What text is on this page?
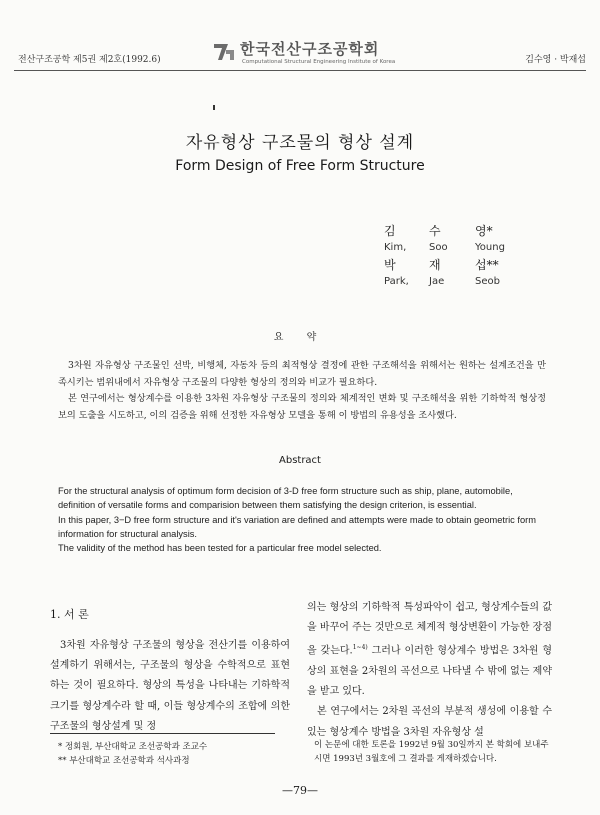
전산구조공학 제5권 제2호(1992.6)
한국전산구조공학회
Computational Structural Engineering Institute of Korea	김수영 · 박재섭
자유형상 구조물의 형상 설계
Form Design of Free Form Structure
김	수	영*
Kim,	Soo	Young
박	재	섭**
Park,	Jae	Seob
요 약

3차원 자유형상 구조물인 선박, 비행체, 자동차 등의 최적형상 결정에 관한 구조해석을 위해서는 원하는 설계조건을 만족시키는 범위내에서 자유형상 구조물의 다양한 형상의 정의와 비교가 필요하다.

본 연구에서는 형상계수를 이용한 3차원 자유형상 구조물의 정의와 체계적인 변화 및 구조해석을 위한 기하학적 형상정보의 도출을 시도하고, 이의 검증을 위해 선정한 자유형상 모델을 통해 이 방법의 유용성을 조사했다.

Abstract

For the structural analysis of optimum form decision of 3-D free form structure such as ship, plane, automobile, definition of versatile forms and comparision between them satisfying the design criterion, is essential.

In this paper, 3−D free form structure and it's variation are defined and attempts were made to obtain geometric form information for structural analysis.

The validity of the method has been tested for a particular free model selected.

1. 서 론

3차원 자유형상 구조물의 형상을 전산기를 이용하여 설계하기 위해서는, 구조물의 형상을 수학적으로 표현하는 것이 필요하다. 형상의 특성을 나타내는 기하학적 크기를 형상계수라 할 때, 이들 형상계수의 조합에 의한 구조물의 형상설계 및 정

의는 형상의 기하학적 특성파악이 쉽고, 형상계수들의 값을 바꾸어 주는 것만으로 체계적 형상변환이 가능한 장점을 갖는다.$^{1\sim 4)}$ 그러나 이러한 형상계수 방법은 3차원 형상의 표현을 2차원의 곡선으로 나타낼 수 밖에 없는 제약을 받고 있다.

본 연구에서는 2차원 곡선의 부분적 생성에 이용할 수 있는 형상계수 방법을 3차원 자유형상 설

* 정회원, 부산대학교 조선공학과 조교수
** 부산대학교 조선공학과 석사과정
이 논문에 대한 토론을 1992년 9월 30일까지 본 학회에 보내주시면 1993년 3월호에 그 결과를 게재하겠습니다.
—79—
